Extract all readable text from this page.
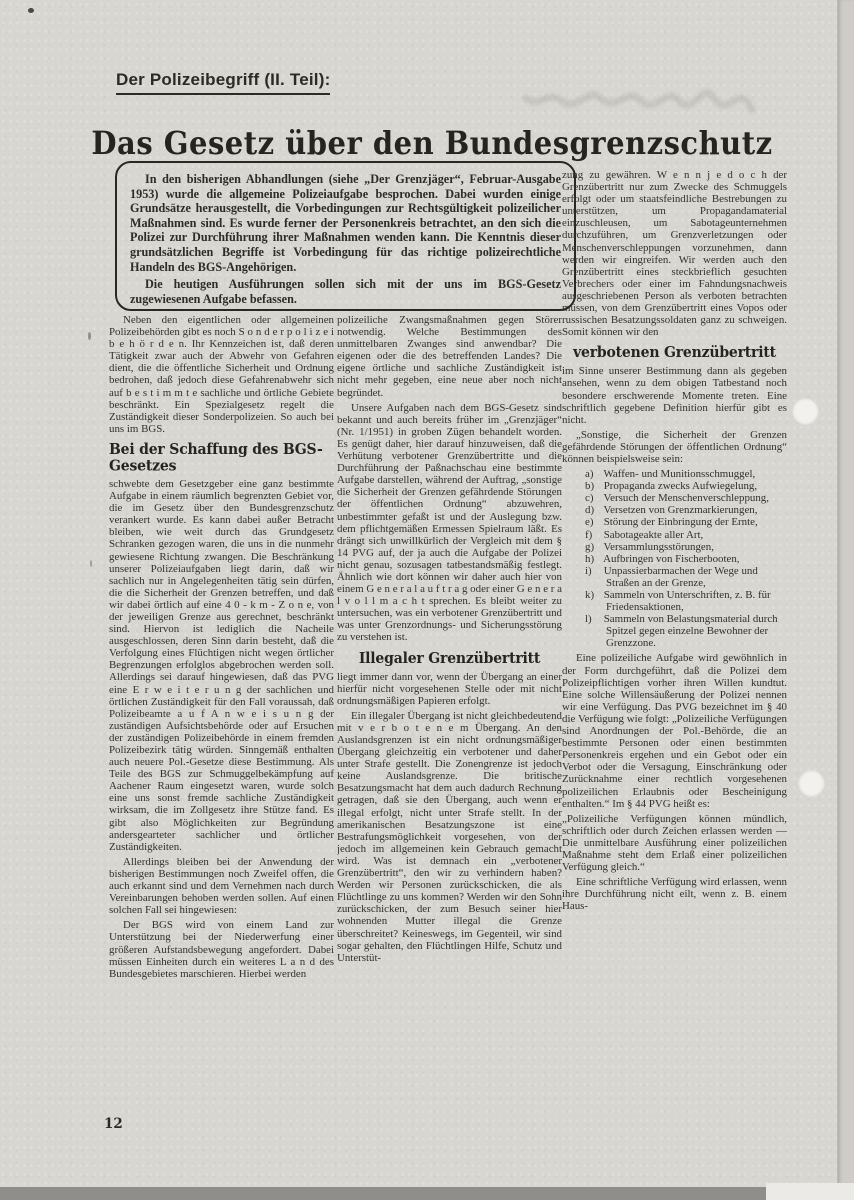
Der Polizeibegriff (II. Teil):
Das Gesetz über den Bundesgrenzschutz

In den bisherigen Abhandlungen (siehe „Der Grenzjäger“, Februar-Ausgabe 1953) wurde die allgemeine Polizeiaufgabe besprochen. Dabei wurden einige Grundsätze herausgestellt, die Vorbedingungen zur Rechtsgültigkeit polizeilicher Maßnahmen sind. Es wurde ferner der Personenkreis betrachtet, an den sich die Polizei zur Durchführung ihrer Maßnahmen wenden kann. Die Kenntnis dieser grundsätzlichen Begriffe ist Vorbedingung für das richtige polizeirechtliche Handeln des BGS-Angehörigen.

Die heutigen Ausführungen sollen sich mit der uns im BGS-Gesetz zugewiesenen Aufgabe befassen.

Neben den eigentlichen oder allgemeinen Polizeibehörden gibt es noch S o n d e r p o l i z e i b e h ö r d e n. Ihr Kennzeichen ist, daß deren Tätigkeit zwar auch der Abwehr von Gefahren dient, die die öffentliche Sicherheit und Ordnung bedrohen, daß jedoch diese Gefahrenabwehr sich auf b e s t i m m t e sachliche und örtliche Gebiete beschränkt. Ein Spezialgesetz regelt die Zuständigkeit dieser Sonderpolizeien. So auch bei uns im BGS.

Bei der Schaffung des BGS-Gesetzes

schwebte dem Gesetzgeber eine ganz bestimmte Aufgabe in einem räumlich begrenzten Gebiet vor, die im Gesetz über den Bundesgrenzschutz verankert wurde. Es kann dabei außer Betracht bleiben, wie weit durch das Grundgesetz Schranken gezogen waren, die uns in die nunmehr gewiesene Richtung zwangen. Die Beschränkung unserer Polizeiaufgaben liegt darin, daß wir sachlich nur in Angelegenheiten tätig sein dürfen, die die Sicherheit der Grenzen betreffen, und daß wir dabei örtlich auf eine 4 0 - k m - Z o n e, von der jeweiligen Grenze aus gerechnet, beschränkt sind. Hiervon ist lediglich die Nacheile ausgeschlossen, deren Sinn darin besteht, daß die Verfolgung eines Flüchtigen nicht wegen örtlicher Begrenzungen erfolglos abgebrochen werden soll. Allerdings sei darauf hingewiesen, daß das PVG eine E r w e i t e r u n g der sachlichen und örtlichen Zuständigkeit für den Fall voraussah, daß Polizeibeamte a u f A n w e i s u n g der zuständigen Aufsichtsbehörde oder auf Ersuchen der zuständigen Polizeibehörde in einem fremden Polizeibezirk tätig würden. Sinngemäß enthalten auch neuere Pol.-Gesetze diese Bestimmung. Als Teile des BGS zur Schmuggelbekämpfung auf Aachener Raum eingesetzt waren, wurde solch eine uns sonst fremde sachliche Zuständigkeit wirksam, die im Zollgesetz ihre Stütze fand. Es gibt also Möglichkeiten zur Begründung andersgearteter sachlicher und örtlicher Zuständigkeiten.

Allerdings bleiben bei der Anwendung der bisherigen Bestimmungen noch Zweifel offen, die auch erkannt sind und dem Vernehmen nach durch Vereinbarungen behoben werden sollen. Auf einen solchen Fall sei hingewiesen:

Der BGS wird von einem Land zur Unterstützung bei der Niederwerfung einer größeren Aufstandsbewegung angefordert. Dabei müssen Einheiten durch ein weiteres L a n d des Bundesgebietes marschieren. Hierbei werden

polizeiliche Zwangsmaßnahmen gegen Störer notwendig. Welche Bestimmungen des unmittelbaren Zwanges sind anwendbar? Die eigenen oder die des betreffenden Landes? Die eigene örtliche und sachliche Zuständigkeit ist nicht mehr gegeben, eine neue aber noch nicht begründet.

Unsere Aufgaben nach dem BGS-Gesetz sind bekannt und auch bereits früher im „Grenzjäger“ (Nr. 1/1951) in groben Zügen behandelt worden. Es genügt daher, hier darauf hinzuweisen, daß die Verhütung verbotener Grenzübertritte und die Durchführung der Paßnachschau eine bestimmte Aufgabe darstellen, während der Auftrag, „sonstige die Sicherheit der Grenzen gefährdende Störungen der öffentlichen Ordnung“ abzuwehren, unbestimmter gefaßt ist und der Auslegung bzw. dem pflichtgemäßen Ermessen Spielraum läßt. Es drängt sich unwillkürlich der Vergleich mit dem § 14 PVG auf, der ja auch die Aufgabe der Polizei nicht genau, sozusagen tatbestandsmäßig festlegt. Ähnlich wie dort können wir daher auch hier von einem G e n e r a l a u f t r a g oder einer G e n e r a l v o l l m a c h t sprechen. Es bleibt weiter zu untersuchen, was ein verbotener Grenzübertritt und was unter Grenzordnungs- und Sicherungsstörung zu verstehen ist.

Illegaler Grenzübertritt

liegt immer dann vor, wenn der Übergang an einer hierfür nicht vorgesehenen Stelle oder mit nicht ordnungsmäßigen Papieren erfolgt.

Ein illegaler Übergang ist nicht gleichbedeutend mit v e r b o t e n e m Übergang. An den Auslandsgrenzen ist ein nicht ordnungsmäßiger Übergang gleichzeitig ein verbotener und daher unter Strafe gestellt. Die Zonengrenze ist jedoch keine Auslandsgrenze. Die britische Besatzungsmacht hat dem auch dadurch Rechnung getragen, daß sie den Übergang, auch wenn er illegal erfolgt, nicht unter Strafe stellt. In der amerikanischen Besatzungszone ist eine Bestrafungsmöglichkeit vorgesehen, von der jedoch im allgemeinen kein Gebrauch gemacht wird. Was ist demnach ein „verbotener Grenzübertritt“, den wir zu verhindern haben? Werden wir Personen zurückschicken, die als Flüchtlinge zu uns kommen? Werden wir den Sohn zurückschicken, der zum Besuch seiner hier wohnenden Mutter illegal die Grenze überschreitet? Keineswegs, im Gegenteil, wir sind sogar gehalten, den Flüchtlingen Hilfe, Schutz und Unterstüt-

zung zu gewähren. W e n n j e d o c h der Grenzübertritt nur zum Zwecke des Schmuggels erfolgt oder um staatsfeindliche Bestrebungen zu unterstützen, um Propagandamaterial einzuschleusen, um Sabotageunternehmen durchzuführen, um Grenzverletzungen oder Menschenverschleppungen vorzunehmen, dann werden wir eingreifen. Wir werden auch den Grenzübertritt eines steckbrieflich gesuchten Verbrechers oder einer im Fahndungsnachweis ausgeschriebenen Person als verboten betrachten müssen, von dem Grenzübertritt eines Vopos oder russischen Besatzungssoldaten ganz zu schweigen. Somit können wir den

verbotenen Grenzübertritt

im Sinne unserer Bestimmung dann als gegeben ansehen, wenn zu dem obigen Tatbestand noch besondere erschwerende Momente treten. Eine schriftlich gegebene Definition hierfür gibt es nicht.

„Sonstige, die Sicherheit der Grenzen gefährdende Störungen der öffentlichen Ordnung“ können beispielsweise sein:

a) Waffen- und Munitionsschmuggel,
b) Propaganda zwecks Aufwiegelung,
c) Versuch der Menschenverschleppung,
d) Versetzen von Grenzmarkierungen,
e) Störung der Einbringung der Ernte,
f) Sabotageakte aller Art,
g) Versammlungsstörungen,
h) Aufbringen von Fischerbooten,
i) Unpassierbarmachen der Wege und Straßen an der Grenze,
k) Sammeln von Unterschriften, z. B. für Friedensaktionen,
l) Sammeln von Belastungsmaterial durch Spitzel gegen einzelne Bewohner der Grenzzone.

Eine polizeiliche Aufgabe wird gewöhnlich in der Form durchgeführt, daß die Polizei dem Polizeipflichtigen vorher ihren Willen kundtut. Eine solche Willensäußerung der Polizei nennen wir eine Verfügung. Das PVG bezeichnet im § 40 die Verfügung wie folgt: „Polizeiliche Verfügungen sind Anordnungen der Pol.-Behörde, die an bestimmte Personen oder einen bestimmten Personenkreis ergehen und ein Gebot oder ein Verbot oder die Versagung, Einschränkung oder Zurücknahme einer rechtlich vorgesehenen polizeilichen Erlaubnis oder Bescheinigung enthalten.“ Im § 44 PVG heißt es:

„Polizeiliche Verfügungen können mündlich, schriftlich oder durch Zeichen erlassen werden — Die unmittelbare Ausführung einer polizeilichen Maßnahme steht dem Erlaß einer polizeilichen Verfügung gleich.“

Eine schriftliche Verfügung wird erlassen, wenn ihre Durchführung nicht eilt, wenn z. B. einem Haus-

12
